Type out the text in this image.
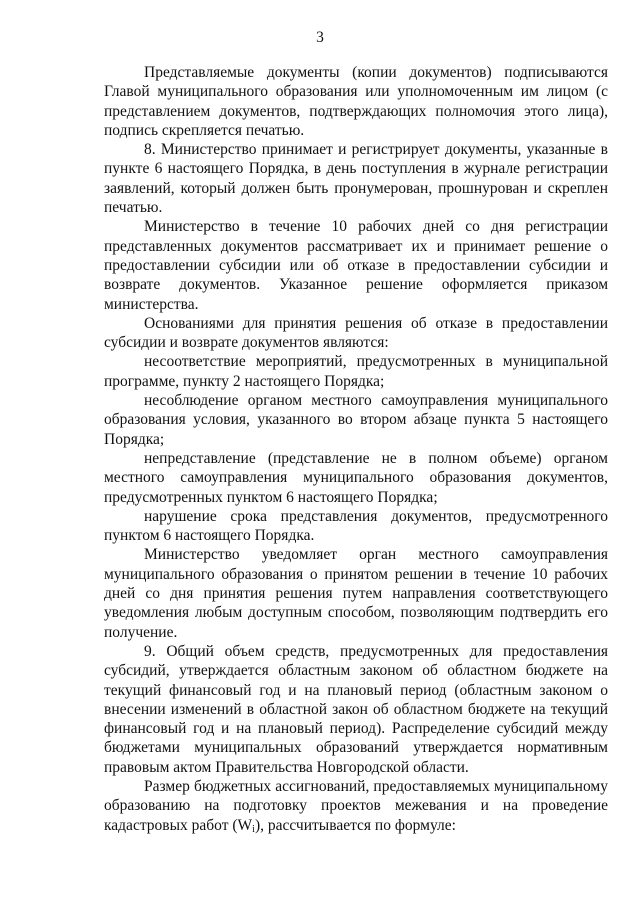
3

Представляемые документы (копии документов) подписываются Главой муниципального образования или уполномоченным им лицом (с представлением документов, подтверждающих полномочия этого лица), подпись скрепляется печатью.

8. Министерство принимает и регистрирует документы, указанные в пункте 6 настоящего Порядка, в день поступления в журнале регистрации заявлений, который должен быть пронумерован, прошнурован и скреплен печатью.

Министерство в течение 10 рабочих дней со дня регистрации представленных документов рассматривает их и принимает решение о предоставлении субсидии или об отказе в предоставлении субсидии и возврате документов. Указанное решение оформляется приказом министерства.

Основаниями для принятия решения об отказе в предоставлении субсидии и возврате документов являются:

несоответствие мероприятий, предусмотренных в муниципальной программе, пункту 2 настоящего Порядка;

несоблюдение органом местного самоуправления муниципального образования условия, указанного во втором абзаце пункта 5 настоящего Порядка;

непредставление (представление не в полном объеме) органом местного самоуправления муниципального образования документов, предусмотренных пунктом 6 настоящего Порядка;

нарушение срока представления документов, предусмотренного пунктом 6 настоящего Порядка.

Министерство уведомляет орган местного самоуправления муниципального образования о принятом решении в течение 10 рабочих дней со дня принятия решения путем направления соответствующего уведомления любым доступным способом, позволяющим подтвердить его получение.

9. Общий объем средств, предусмотренных для предоставления субсидий, утверждается областным законом об областном бюджете на текущий финансовый год и на плановый период (областным законом о внесении изменений в областной закон об областном бюджете на текущий финансовый год и на плановый период). Распределение субсидий между бюджетами муниципальных образований утверждается нормативным правовым актом Правительства Новгородской области.

Размер бюджетных ассигнований, предоставляемых муниципальному образованию на подготовку проектов межевания и на проведение кадастровых работ $(W_i)$, рассчитывается по формуле:
